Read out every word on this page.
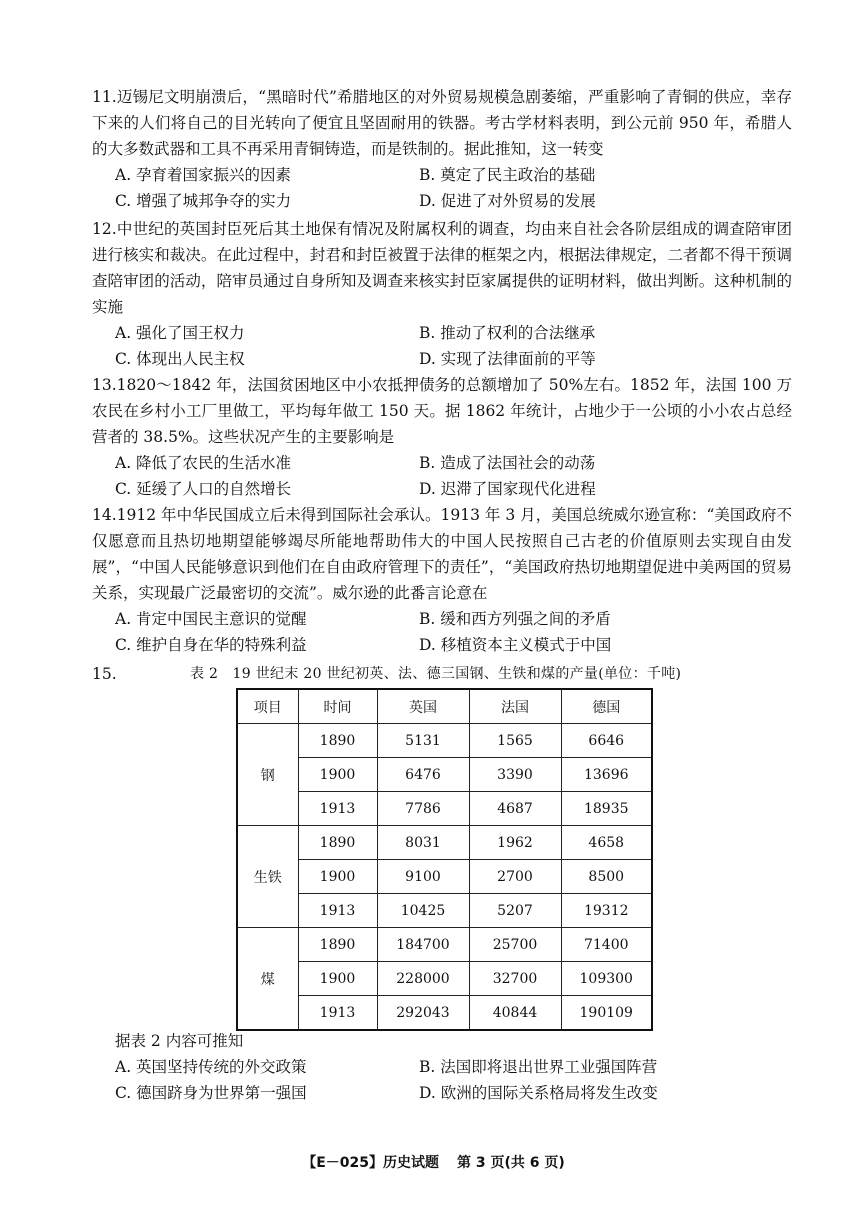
11.迈锡尼文明崩溃后，“黑暗时代”希腊地区的对外贸易规模急剧萎缩，严重影响了青铜的供应，幸存下来的人们将自己的目光转向了便宜且坚固耐用的铁器。考古学材料表明，到公元前 950 年，希腊人的大多数武器和工具不再采用青铜铸造，而是铁制的。据此推知，这一转变

A. 孕育着国家振兴的因素	B. 奠定了民主政治的基础
C. 增强了城邦争夺的实力	D. 促进了对外贸易的发展

12.中世纪的英国封臣死后其土地保有情况及附属权利的调查，均由来自社会各阶层组成的调查陪审团进行核实和裁决。在此过程中，封君和封臣被置于法律的框架之内，根据法律规定，二者都不得干预调查陪审团的活动，陪审员通过自身所知及调查来核实封臣家属提供的证明材料，做出判断。这种机制的实施

A. 强化了国王权力	B. 推动了权利的合法继承
C. 体现出人民主权	D. 实现了法律面前的平等

13.1820～1842 年，法国贫困地区中小农抵押债务的总额增加了 50%左右。1852 年，法国 100 万农民在乡村小工厂里做工，平均每年做工 150 天。据 1862 年统计，占地少于一公顷的小小农占总经营者的 38.5%。这些状况产生的主要影响是

A. 降低了农民的生活水准	B. 造成了法国社会的动荡
C. 延缓了人口的自然增长	D. 迟滞了国家现代化进程

14.1912 年中华民国成立后未得到国际社会承认。1913 年 3 月，美国总统威尔逊宣称：“美国政府不仅愿意而且热切地期望能够竭尽所能地帮助伟大的中国人民按照自己古老的价值原则去实现自由发展”，“中国人民能够意识到他们在自由政府管理下的责任”，“美国政府热切地期望促进中美两国的贸易关系，实现最广泛最密切的交流”。威尔逊的此番言论意在

A. 肯定中国民主意识的觉醒	B. 缓和西方列强之间的矛盾
C. 维护自身在华的特殊利益	D. 移植资本主义模式于中国
15.	表 2　19 世纪末 20 世纪初英、法、德三国钢、生铁和煤的产量(单位：千吨)
项目	时间	英国	法国	德国
钢	1890	5131	1565	6646
	1900	6476	3390	13696
	1913	7786	4687	18935
生铁	1890	8031	1962	4658
	1900	9100	2700	8500
	1913	10425	5207	19312
煤	1890	184700	25700	71400
	1900	228000	32700	109300
	1913	292043	40844	190109
据表 2 内容可推知
A. 英国坚持传统的外交政策	B. 法国即将退出世界工业强国阵营
C. 德国跻身为世界第一强国	D. 欧洲的国际关系格局将发生改变
【E－025】历史试题 第 3 页(共 6 页)
